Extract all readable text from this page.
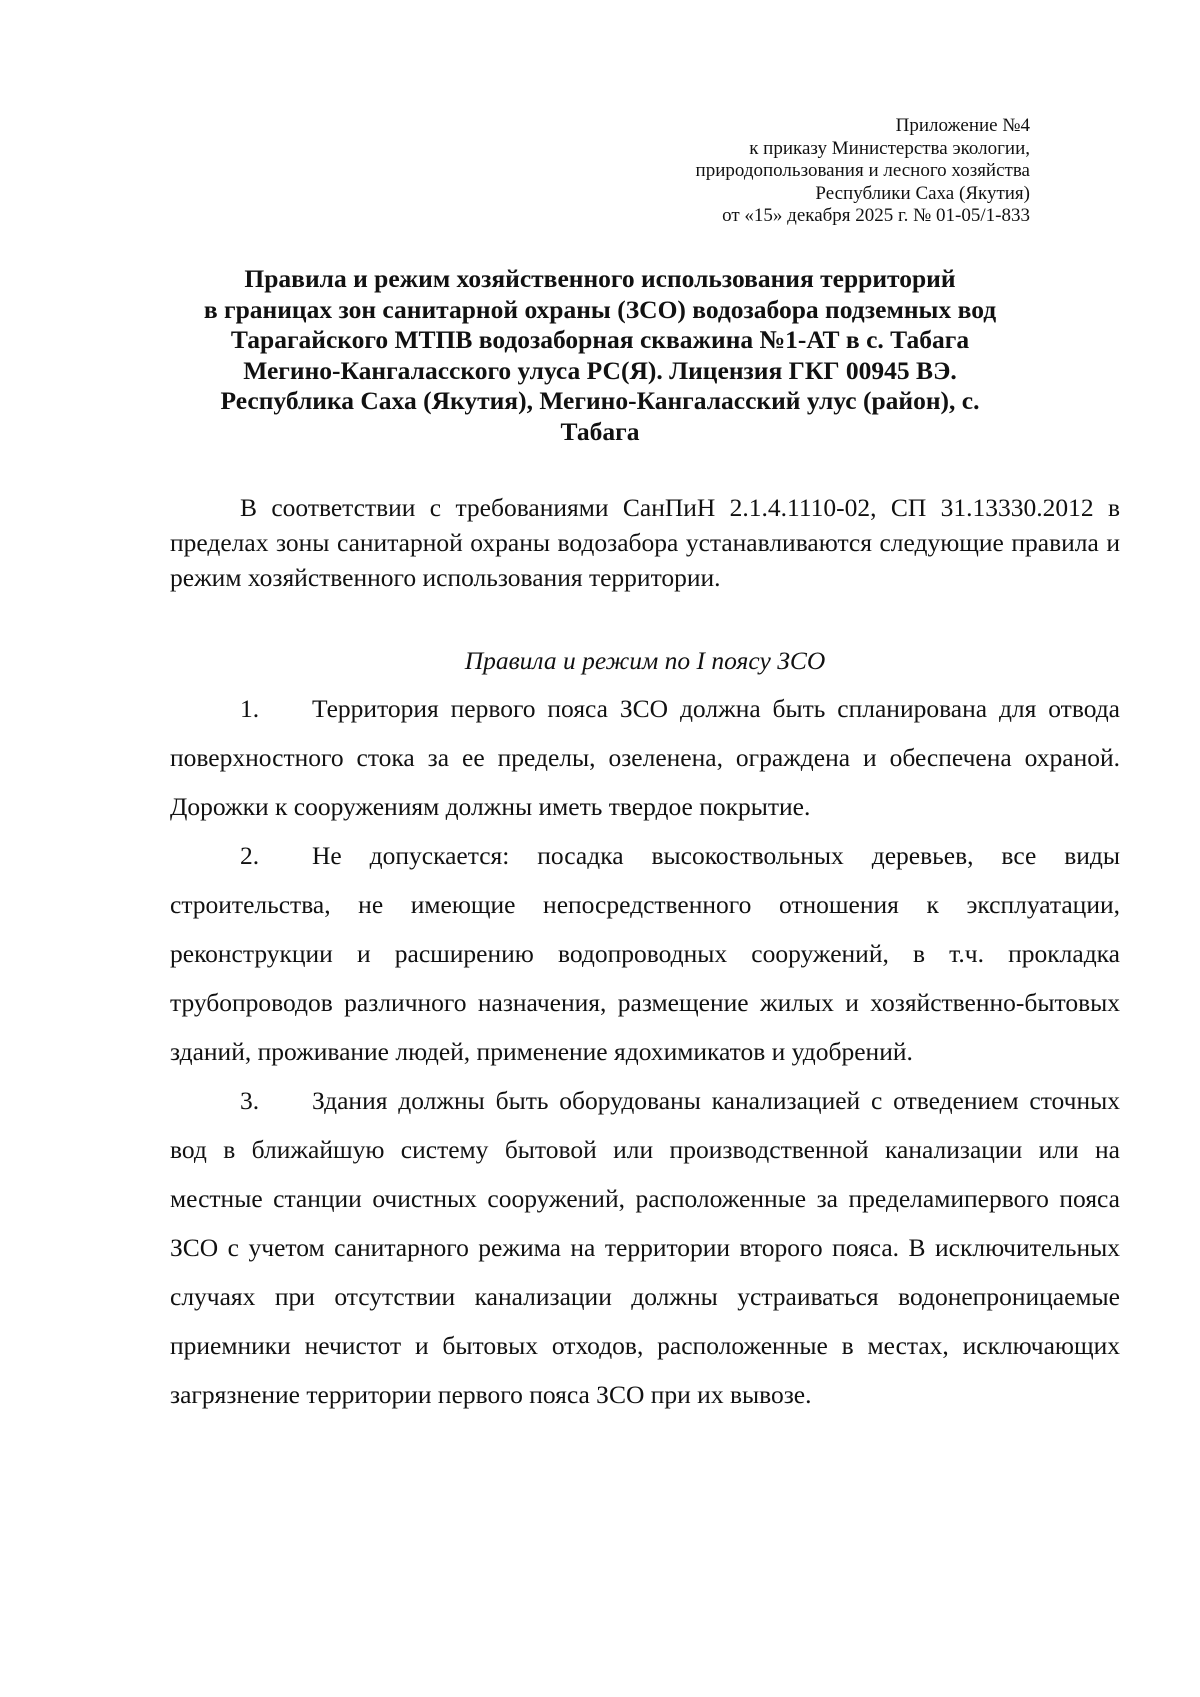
Приложение №4
к приказу Министерства экологии,
природопользования и лесного хозяйства
Республики Саха (Якутия)
от «15» декабря 2025 г. № 01-05/1-833
Правила и режим хозяйственного использования территорий
в границах зон санитарной охраны (ЗСО) водозабора подземных вод
Тарагайского МТПВ водозаборная скважина №1-АТ в с. Табага
Мегино-Кангаласского улуса РС(Я). Лицензия ГКГ 00945 ВЭ.
Республика Саха (Якутия), Мегино-Кангаласский улус (район), с.
Табага

В соответствии с требованиями СанПиН 2.1.4.1110-02, СП 31.13330.2012 в пределах зоны санитарной охраны водозабора устанавливаются следующие правила и режим хозяйственного использования территории.

Правила и режим по I поясу ЗСО

1. Территория первого пояса ЗСО должна быть спланирована для отвода поверхностного стока за ее пределы, озеленена, ограждена и обеспечена охраной. Дорожки к сооружениям должны иметь твердое покрытие.

2. Не допускается: посадка высокоствольных деревьев, все виды строительства, не имеющие непосредственного отношения к эксплуатации, реконструкции и расширению водопроводных сооружений, в т.ч. прокладка трубопроводов различного назначения, размещение жилых и хозяйственно-бытовых зданий, проживание людей, применение ядохимикатов и удобрений.

3. Здания должны быть оборудованы канализацией с отведением сточных вод в ближайшую систему бытовой или производственной канализации или на местные станции очистных сооружений, расположенные за пределамипервого пояса ЗСО с учетом санитарного режима на территории второго пояса. В исключительных случаях при отсутствии канализации должны устраиваться водонепроницаемые приемники нечистот и бытовых отходов, расположенные в местах, исключающих загрязнение территории первого пояса ЗСО при их вывозе.
